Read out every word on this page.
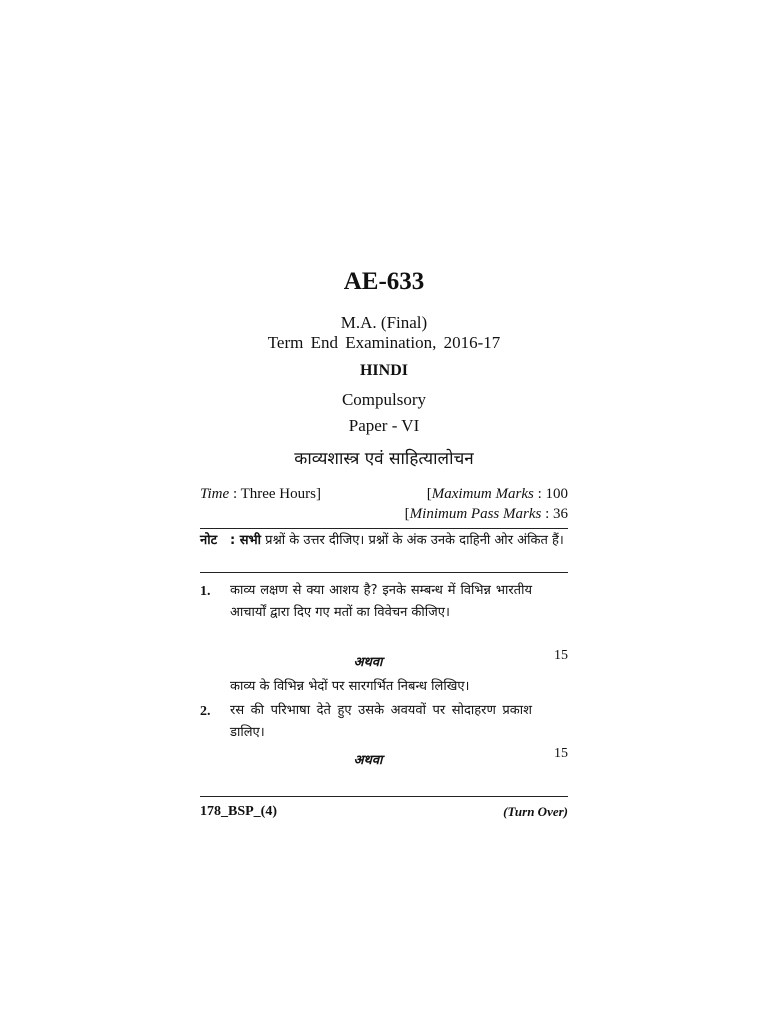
AE-633
M.A. (Final)
Term End Examination, 2016-17
HINDI
Compulsory
Paper - VI
काव्यशास्त्र एवं साहित्यालोचन
Time : Three Hours]	[Maximum Marks : 100
[Minimum Pass Marks : 36
नोट : सभी प्रश्नों के उत्तर दीजिए। प्रश्नों के अंक उनके दाहिनी ओर अंकित हैं।
1. काव्य लक्षण से क्या आशय है? इनके सम्बन्ध में विभिन्न भारतीय आचार्यों द्वारा दिए गए मतों का विवेचन कीजिए।
अथवा	15
काव्य के विभिन्न भेदों पर सारगर्भित निबन्ध लिखिए।
2. रस की परिभाषा देते हुए उसके अवयवों पर सोदाहरण प्रकाश डालिए।
अथवा	15
178_BSP_(4)	(Turn Over)
